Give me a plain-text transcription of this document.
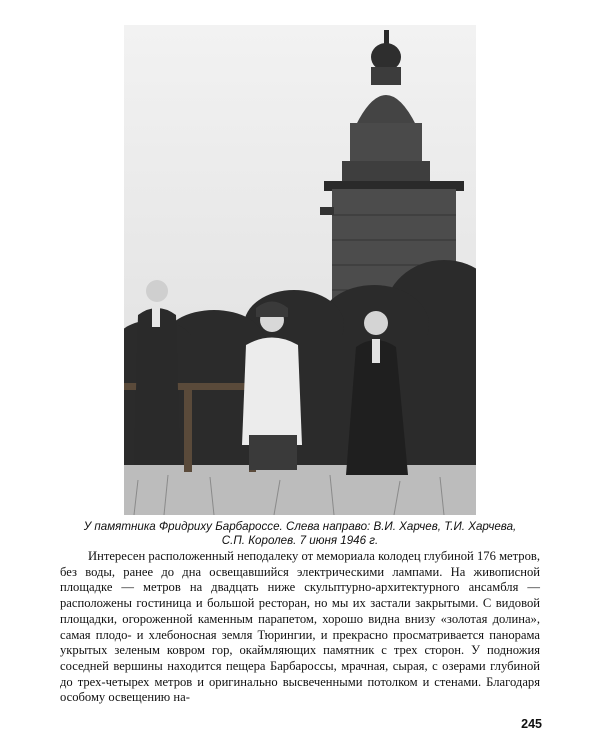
У памятника Фридриху Барбароссе. Слева направо: В.И. Харчев, Т.И. Харчева,
С.П. Королев. 7 июня 1946 г.

Интересен расположенный неподалеку от мемориала колодец глубиной 176 метров, без воды, ранее до дна освещавшийся электрическими лампами. На живописной площадке — метров на двадцать ниже скульптурно-архитектурного ансамбля — расположены гостиница и большой ресторан, но мы их застали закрытыми. С видовой площадки, огороженной каменным парапетом, хорошо видна внизу «золотая долина», самая плодо- и хлебоносная земля Тюрингии, и прекрасно просматривается панорама укрытых зеленым ковром гор, окаймляющих памятник с трех сторон. У подножия соседней вершины находится пещера Барбароссы, мрачная, сырая, с озерами глубиной до трех-четырех метров и оригинально высвеченными потолком и стенами. Благодаря особому освещению на-

245
